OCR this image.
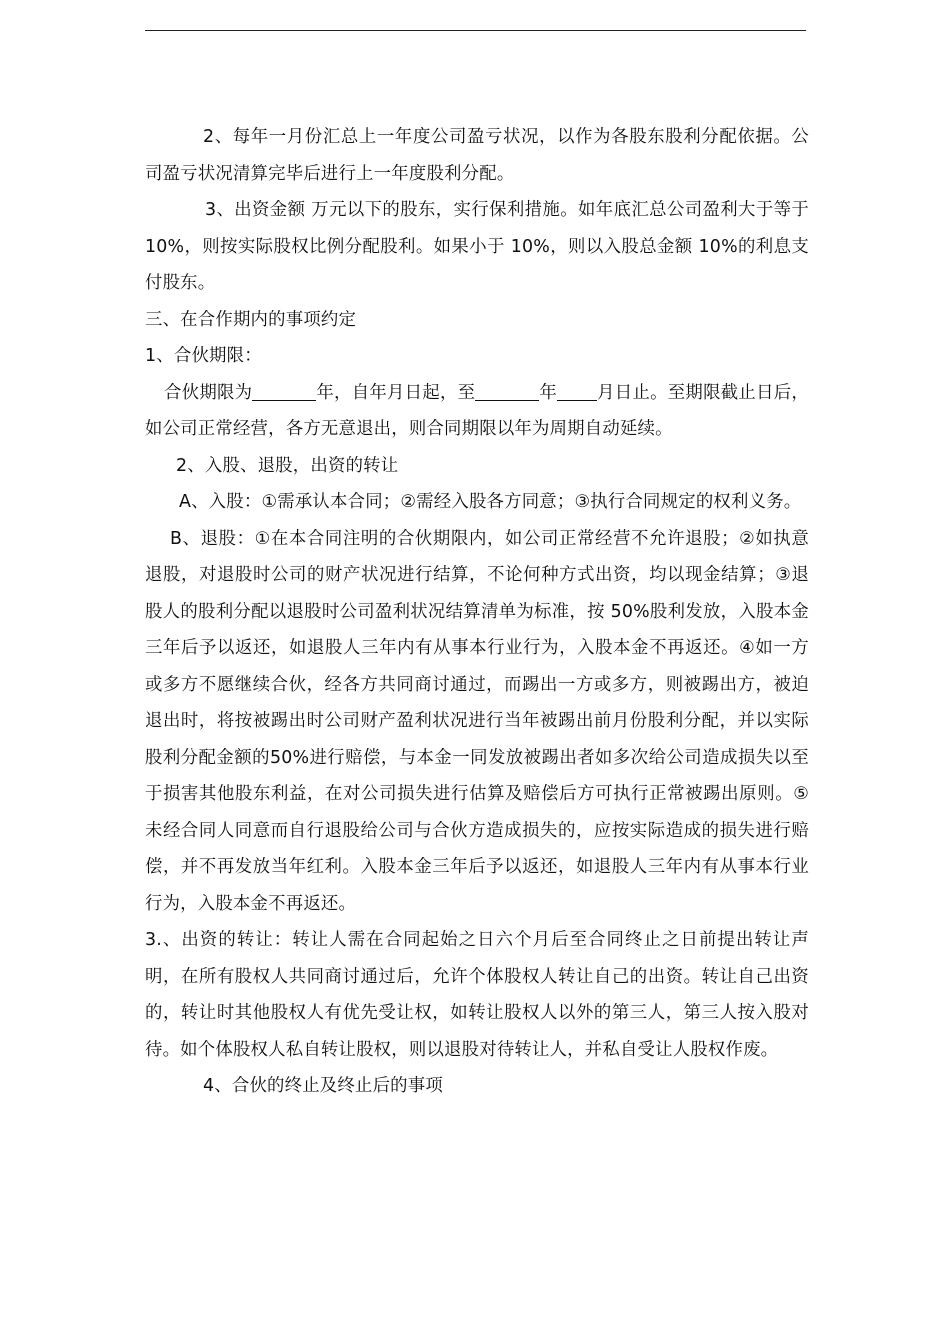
2、每年一月份汇总上一年度公司盈亏状况，以作为各股东股利分配依据。公司盈亏状况清算完毕后进行上一年度股利分配。

3、出资金额 万元以下的股东，实行保利措施。如年底汇总公司盈利大于等于 10%，则按实际股权比例分配股利。如果小于 10%，则以入股总金额 10%的利息支付股东。

三、在合作期内的事项约定

1、合伙期限：

合伙期限为	年，自年月日起，至	年 月日止。至期限截止日后，如公司正常经营，各方无意退出，则合同期限以年为周期自动延续。

2、入股、退股，出资的转让

A、入股：①需承认本合同；②需经入股各方同意；③执行合同规定的权利义务。

B、退股：①在本合同注明的合伙期限内，如公司正常经营不允许退股；②如执意退股，对退股时公司的财产状况进行结算，不论何种方式出资，均以现金结算；③退股人的股利分配以退股时公司盈利状况结算清单为标准，按 50%股利发放，入股本金三年后予以返还，如退股人三年内有从事本行业行为，入股本金不再返还。④如一方或多方不愿继续合伙，经各方共同商讨通过，而踢出一方或多方，则被踢出方，被迫退出时，将按被踢出时公司财产盈利状况进行当年被踢出前月份股利分配，并以实际股利分配金额的50%进行赔偿，与本金一同发放被踢出者如多次给公司造成损失以至于损害其他股东利益，在对公司损失进行估算及赔偿后方可执行正常被踢出原则。⑤未经合同人同意而自行退股给公司与合伙方造成损失的，应按实际造成的损失进行赔偿，并不再发放当年红利。入股本金三年后予以返还，如退股人三年内有从事本行业行为，入股本金不再返还。

3.、出资的转让：转让人需在合同起始之日六个月后至合同终止之日前提出转让声明，在所有股权人共同商讨通过后，允许个体股权人转让自己的出资。转让自己出资的，转让时其他股权人有优先受让权，如转让股权人以外的第三人，第三人按入股对待。如个体股权人私自转让股权，则以退股对待转让人，并私自受让人股权作废。

4、合伙的终止及终止后的事项
